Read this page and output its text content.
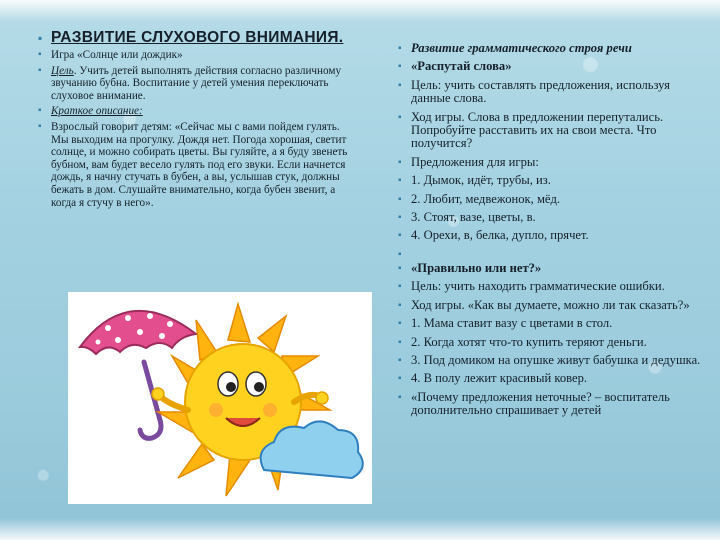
▪ РАЗВИТИЕ СЛУХОВОГО ВНИМАНИЯ.
▪ Игра «Солнце или дождик»
▪ Цель. Учить детей выполнять действия согласно различному звучанию бубна. Воспитание у детей умения переключать слуховое внимание.
▪ Краткое описание:
▪ Взрослый говорит детям: «Сейчас мы с вами пойдем гулять. Мы выходим на прогулку. Дождя нет. Погода хорошая, светит солнце, и можно собирать цветы. Вы гуляйте, а я буду звенеть бубном, вам будет весело гулять под его звуки. Если начнется дождь, я начну стучать в бубен, а вы, услышав стук, должны бежать в дом. Слушайте внимательно, когда бубен звенит, а когда я стучу в него».
▪ Развитие грамматического строя речи
▪ «Распутай слова»
▪ Цель: учить составлять предложения, используя данные слова.
▪ Ход игры. Слова в предложении перепутались. Попробуйте расставить их на свои места. Что получится?
▪ Предложения для игры:
▪ 1. Дымок, идёт, трубы, из.
▪ 2. Любит, медвежонок, мёд.
▪ 3. Стоят, вазе, цветы, в.
▪ 4. Орехи, в, белка, дупло, прячет.
▪
▪ «Правильно или нет?»
▪ Цель: учить находить грамматические ошибки.
▪ Ход игры. «Как вы думаете, можно ли так сказать?»
▪ 1. Мама ставит вазу с цветами в стол.
▪ 2. Когда хотят что-то купить теряют деньги.
▪ 3. Под домиком на опушке живут бабушка и дедушка.
▪ 4. В полу лежит красивый ковер.
▪ «Почему предложения неточные? – воспитатель дополнительно спрашивает у детей
